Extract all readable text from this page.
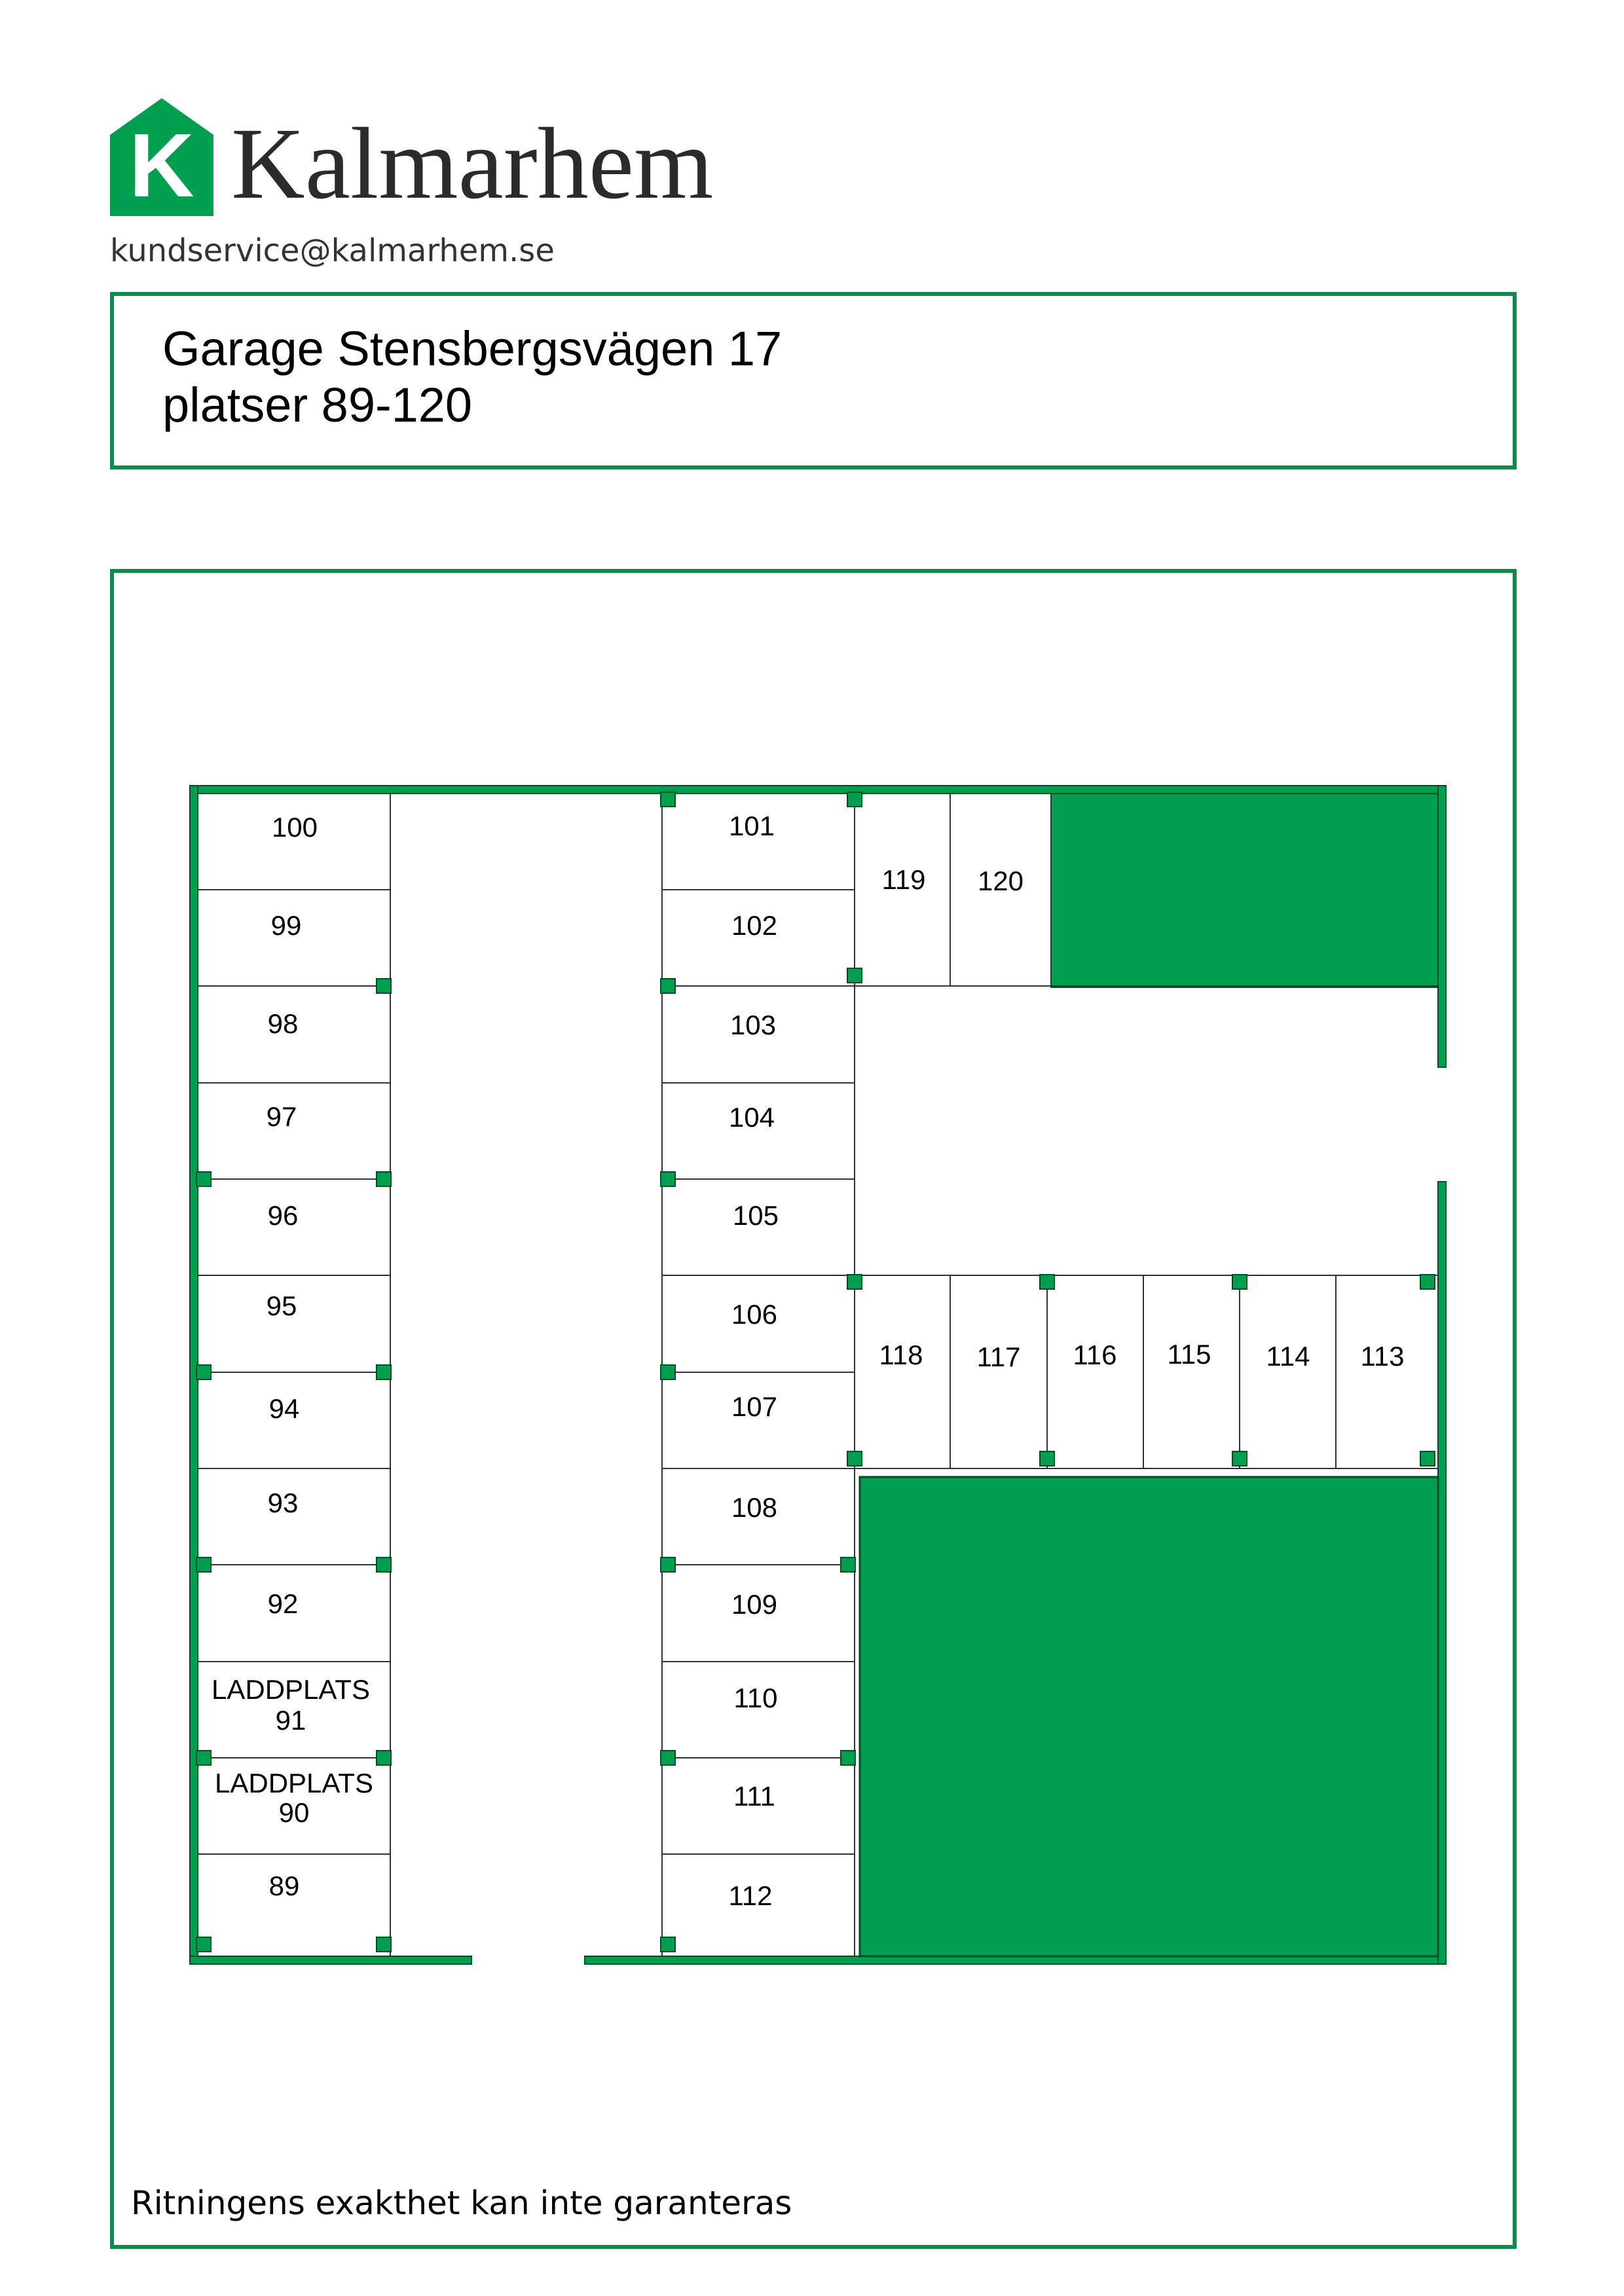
K Kalmarhem
kundservice@kalmarhem.se
Garage Stensbergsvägen 17
platser 89-120
89
LADDPLATS 90
LADDPLATS 91
92
93
94
95
96
97
98
99
100	101
102
103
104
105
106
107
108
109
110
111
112
113
114
115
116
117
118
119 120
Ritningens exakthet kan inte garanteras
